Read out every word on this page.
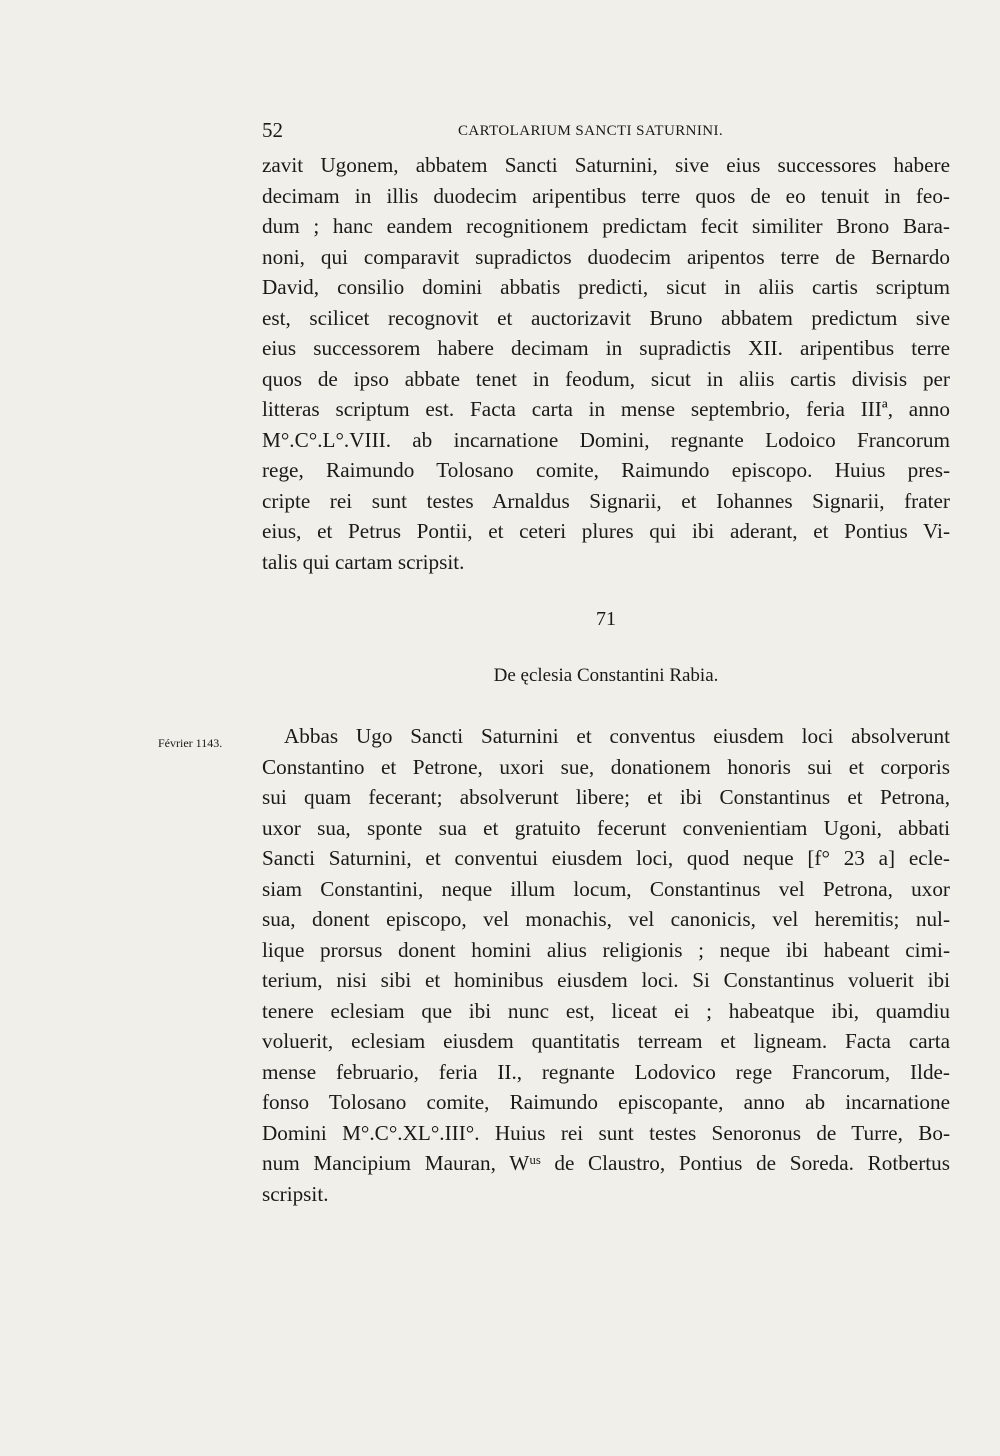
52	CARTOLARIUM SANCTI SATURNINI.
zavit Ugonem, abbatem Sancti Saturnini, sive eius successores habere
decimam in illis duodecim aripentibus terre quos de eo tenuit in feo-
dum ; hanc eandem recognitionem predictam fecit similiter Brono Bara-
noni, qui comparavit supradictos duodecim aripentos terre de Bernardo
David, consilio domini abbatis predicti, sicut in aliis cartis scriptum
est, scilicet recognovit et auctorizavit Bruno abbatem predictum sive
eius successorem habere decimam in supradictis XII. aripentibus terre
quos de ipso abbate tenet in feodum, sicut in aliis cartis divisis per
litteras scriptum est. Facta carta in mense septembrio, feria IIIª, anno
M°.C°.L°.VIII. ab incarnatione Domini, regnante Lodoico Francorum
rege, Raimundo Tolosano comite, Raimundo episcopo. Huius pres-
cripte rei sunt testes Arnaldus Signarii, et Iohannes Signarii, frater
eius, et Petrus Pontii, et ceteri plures qui ibi aderant, et Pontius Vi-
talis qui cartam scripsit.
71
De ęclesia Constantini Rabia.
Février 1143.	Abbas Ugo Sancti Saturnini et conventus eiusdem loci absolverunt
Constantino et Petrone, uxori sue, donationem honoris sui et corporis
sui quam fecerant; absolverunt libere; et ibi Constantinus et Petrona,
uxor sua, sponte sua et gratuito fecerunt convenientiam Ugoni, abbati
Sancti Saturnini, et conventui eiusdem loci, quod neque [f° 23 a] ecle-
siam Constantini, neque illum locum, Constantinus vel Petrona, uxor
sua, donent episcopo, vel monachis, vel canonicis, vel heremitis; nul-
lique prorsus donent homini alius religionis ; neque ibi habeant cimi-
terium, nisi sibi et hominibus eiusdem loci. Si Constantinus voluerit ibi
tenere eclesiam que ibi nunc est, liceat ei ; habeatque ibi, quamdiu
voluerit, eclesiam eiusdem quantitatis terream et ligneam. Facta carta
mense februario, feria II., regnante Lodovico rege Francorum, Ilde-
fonso Tolosano comite, Raimundo episcopante, anno ab incarnatione
Domini M°.C°.XL°.III°. Huius rei sunt testes Senoronus de Turre, Bo-
num Mancipium Mauran, Wᵘˢ de Claustro, Pontius de Soreda. Rotbertus
scripsit.
